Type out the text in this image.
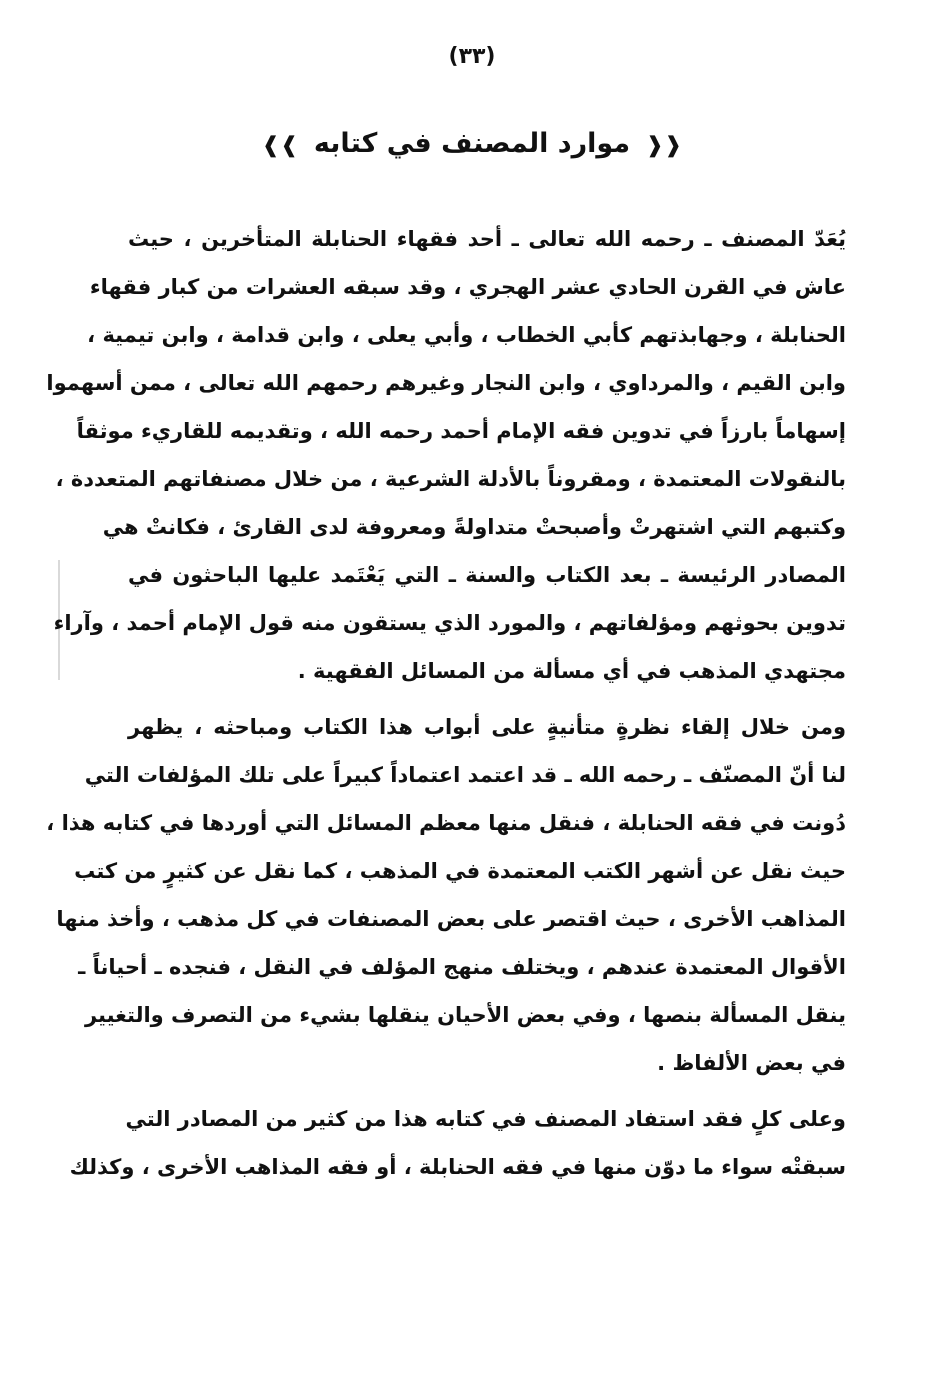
(٣٣)
❰❰ موارد المصنف في كتابه ❱❱
يُعَدّ المصنف ـ رحمه الله تعالى ـ أحد فقهاء الحنابلة المتأخرين ، حيث
عاش في القرن الحادي عشر الهجري ، وقد سبقه العشرات من كبار فقهاء
الحنابلة ، وجهابذتهم كأبي الخطاب ، وأبي يعلى ، وابن قدامة ، وابن تيمية ،
وابن القيم ، والمرداوي ، وابن النجار وغيرهم رحمهم الله تعالى ، ممن أسهموا
إسهاماً بارزاً في تدوين فقه الإمام أحمد رحمه الله ، وتقديمه للقاريء موثقاً
بالنقولات المعتمدة ، ومقروناً بالأدلة الشرعية ، من خلال مصنفاتهم المتعددة ،
وكتبهم التي اشتهرتْ وأصبحتْ متداولةً ومعروفة لدى القارئ ، فكانتْ هي
المصادر الرئيسة ـ بعد الكتاب والسنة ـ التي يَعْتَمد عليها الباحثون في
تدوين بحوثهم ومؤلفاتهم ، والمورد الذي يستقون منه قول الإمام أحمد ، وآراء
مجتهدي المذهب في أي مسألة من المسائل الفقهية .
ومن خلال إلقاء نظرةٍ متأنيةٍ على أبواب هذا الكتاب ومباحثه ، يظهر
لنا أنّ المصنّف ـ رحمه الله ـ قد اعتمد اعتماداً كبيراً على تلك المؤلفات التي
دُونت في فقه الحنابلة ، فنقل منها معظم المسائل التي أوردها في كتابه هذا ،
حيث نقل عن أشهر الكتب المعتمدة في المذهب ، كما نقل عن كثيرٍ من كتب
المذاهب الأخرى ، حيث اقتصر على بعض المصنفات في كل مذهب ، وأخذ منها
الأقوال المعتمدة عندهم ، ويختلف منهج المؤلف في النقل ، فنجده ـ أحياناً ـ
ينقل المسألة بنصها ، وفي بعض الأحيان ينقلها بشيء من التصرف والتغيير
في بعض الألفاظ .
وعلى كلٍ فقد استفاد المصنف في كتابه هذا من كثير من المصادر التي
سبقتْه سواء ما دوّن منها في فقه الحنابلة ، أو فقه المذاهب الأخرى ، وكذلك
